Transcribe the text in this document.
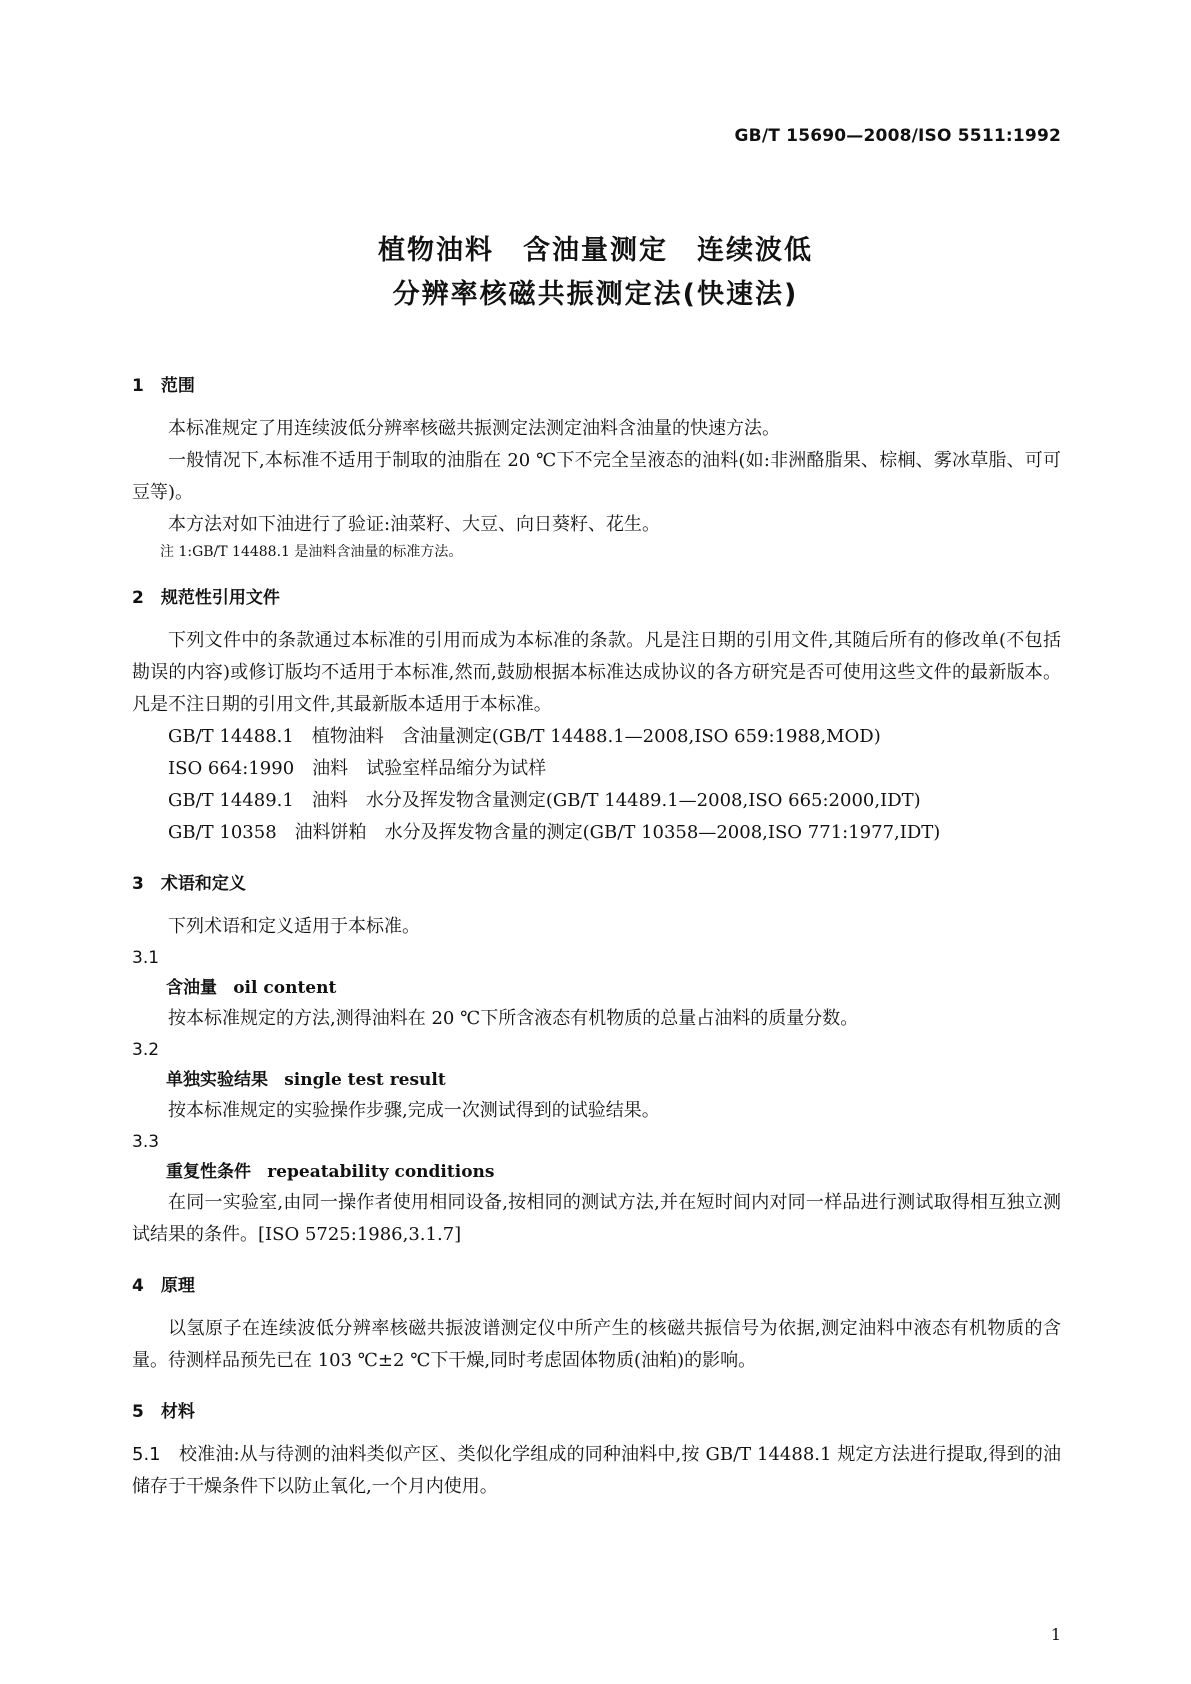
GB/T 15690—2008/ISO 5511:1992
植物油料　含油量测定　连续波低
分辨率核磁共振测定法(快速法)
1　范围

本标准规定了用连续波低分辨率核磁共振测定法测定油料含油量的快速方法。

一般情况下,本标准不适用于制取的油脂在 20 ℃下不完全呈液态的油料(如:非洲酪脂果、棕榈、雾冰草脂、可可豆等)。

本方法对如下油进行了验证:油菜籽、大豆、向日葵籽、花生。

注 1:GB/T 14488.1 是油料含油量的标准方法。

2　规范性引用文件

下列文件中的条款通过本标准的引用而成为本标准的条款。凡是注日期的引用文件,其随后所有的修改单(不包括勘误的内容)或修订版均不适用于本标准,然而,鼓励根据本标准达成协议的各方研究是否可使用这些文件的最新版本。凡是不注日期的引用文件,其最新版本适用于本标准。

GB/T 14488.1　植物油料　含油量测定(GB/T 14488.1—2008,ISO 659:1988,MOD)
ISO 664:1990　油料　试验室样品缩分为试样
GB/T 14489.1　油料　水分及挥发物含量测定(GB/T 14489.1—2008,ISO 665:2000,IDT)
GB/T 10358　油料饼粕　水分及挥发物含量的测定(GB/T 10358—2008,ISO 771:1977,IDT)
3　术语和定义

下列术语和定义适用于本标准。

3.1
含油量 oil content

按本标准规定的方法,测得油料在 20 ℃下所含液态有机物质的总量占油料的质量分数。

3.2
单独实验结果 single test result

按本标准规定的实验操作步骤,完成一次测试得到的试验结果。

3.3
重复性条件 repeatability conditions

在同一实验室,由同一操作者使用相同设备,按相同的测试方法,并在短时间内对同一样品进行测试取得相互独立测试结果的条件。[ISO 5725:1986,3.1.7]

4　原理

以氢原子在连续波低分辨率核磁共振波谱测定仪中所产生的核磁共振信号为依据,测定油料中液态有机物质的含量。待测样品预先已在 103 ℃±2 ℃下干燥,同时考虑固体物质(油粕)的影响。

5　材料

5.1　 校准油:从与待测的油料类似产区、类似化学组成的同种油料中,按 GB/T 14488.1 规定方法进行提取,得到的油储存于干燥条件下以防止氧化,一个月内使用。

1
